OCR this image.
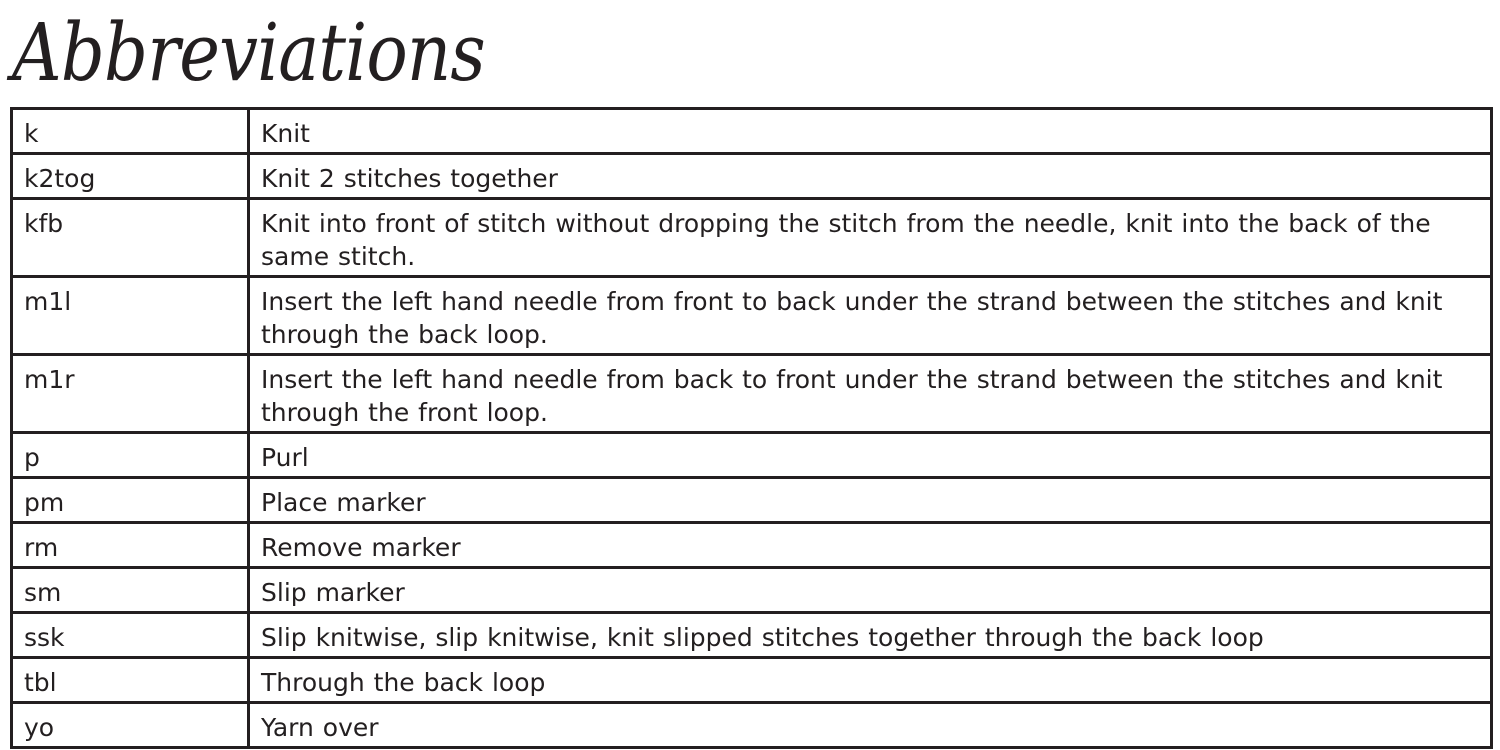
Abbreviations
k	Knit
k2tog	Knit 2 stitches together
kfb	Knit into front of stitch without dropping the stitch from the needle, knit into the back of the same stitch.
m1l	Insert the left hand needle from front to back under the strand between the stitches and knit through the back loop.
m1r	Insert the left hand needle from back to front under the strand between the stitches and knit through the front loop.
p	Purl
pm	Place marker
rm	Remove marker
sm	Slip marker
ssk	Slip knitwise, slip knitwise, knit slipped stitches together through the back loop
tbl	Through the back loop
yo	Yarn over
